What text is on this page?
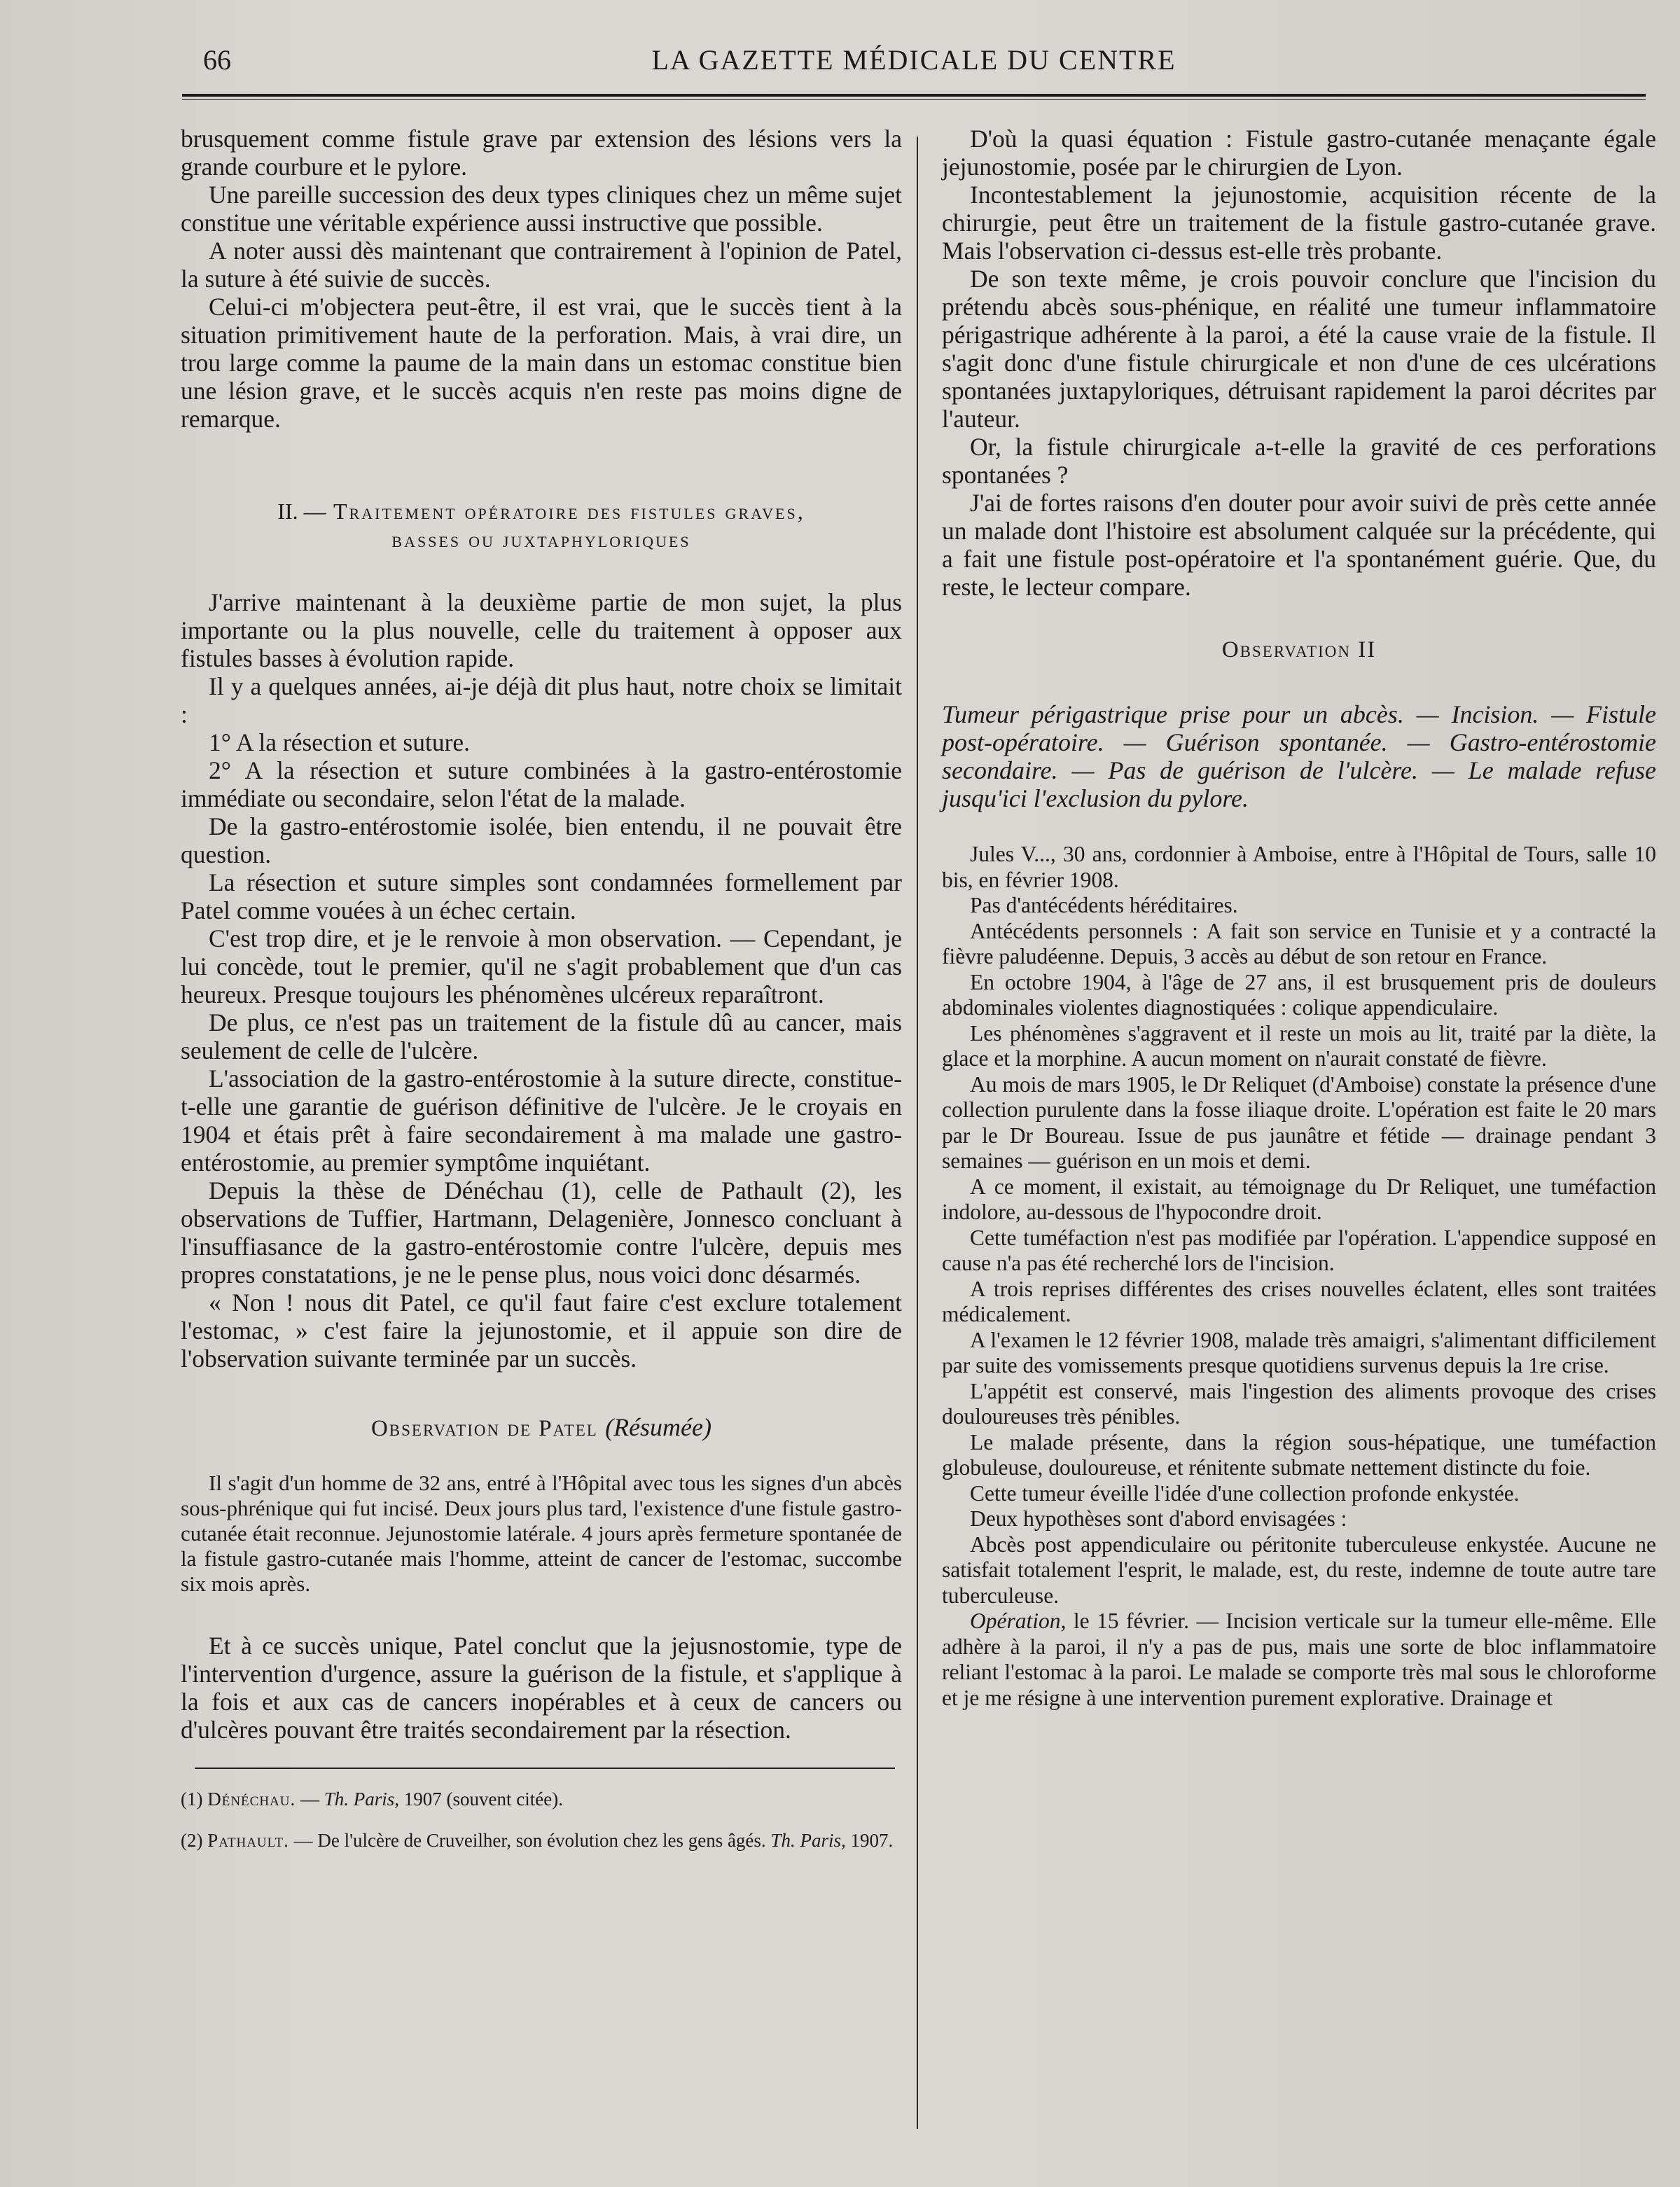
66	LA GAZETTE MÉDICALE DU CENTRE

brusquement comme fistule grave par extension des lésions vers la grande courbure et le pylore.

Une pareille succession des deux types cliniques chez un même sujet constitue une véritable expérience aussi instructive que possible.

A noter aussi dès maintenant que contrairement à l'opinion de Patel, la suture à été suivie de succès.

Celui-ci m'objectera peut-être, il est vrai, que le succès tient à la situation primitivement haute de la perforation. Mais, à vrai dire, un trou large comme la paume de la main dans un estomac constitue bien une lésion grave, et le succès acquis n'en reste pas moins digne de remarque.

II. — Traitement opératoire des fistules graves,
basses ou juxtaphyloriques

J'arrive maintenant à la deuxième partie de mon sujet, la plus importante ou la plus nouvelle, celle du traitement à opposer aux fistules basses à évolution rapide.

Il y a quelques années, ai-je déjà dit plus haut, notre choix se limitait :

1° A la résection et suture.

2° A la résection et suture combinées à la gastro-entérostomie immédiate ou secondaire, selon l'état de la malade.

De la gastro-entérostomie isolée, bien entendu, il ne pouvait être question.

La résection et suture simples sont condamnées formellement par Patel comme vouées à un échec certain.

C'est trop dire, et je le renvoie à mon observation. — Cependant, je lui concède, tout le premier, qu'il ne s'agit probablement que d'un cas heureux. Presque toujours les phénomènes ulcéreux reparaîtront.

De plus, ce n'est pas un traitement de la fistule dû au cancer, mais seulement de celle de l'ulcère.

L'association de la gastro-entérostomie à la suture directe, constitue-t-elle une garantie de guérison définitive de l'ulcère. Je le croyais en 1904 et étais prêt à faire secondairement à ma malade une gastro-entérostomie, au premier symptôme inquiétant.

Depuis la thèse de Dénéchau (1), celle de Pathault (2), les observations de Tuffier, Hartmann, Delagenière, Jonnesco concluant à l'insuffiasance de la gastro-entérostomie contre l'ulcère, depuis mes propres constatations, je ne le pense plus, nous voici donc désarmés.

« Non ! nous dit Patel, ce qu'il faut faire c'est exclure totalement l'estomac, » c'est faire la jejunostomie, et il appuie son dire de l'observation suivante terminée par un succès.

Observation de Patel (Résumée)

Il s'agit d'un homme de 32 ans, entré à l'Hôpital avec tous les signes d'un abcès sous-phrénique qui fut incisé. Deux jours plus tard, l'existence d'une fistule gastro-cutanée était reconnue. Jejunostomie latérale. 4 jours après fermeture spontanée de la fistule gastro-cutanée mais l'homme, atteint de cancer de l'estomac, succombe six mois après.

Et à ce succès unique, Patel conclut que la jejusnostomie, type de l'intervention d'urgence, assure la guérison de la fistule, et s'applique à la fois et aux cas de cancers inopérables et à ceux de cancers ou d'ulcères pouvant être traités secondairement par la résection.

(1) Dénéchau. — Th. Paris, 1907 (souvent citée).

(2) Pathault. — De l'ulcère de Cruveilher, son évolution chez les gens âgés. Th. Paris, 1907.

D'où la quasi équation : Fistule gastro-cutanée menaçante égale jejunostomie, posée par le chirurgien de Lyon.

Incontestablement la jejunostomie, acquisition récente de la chirurgie, peut être un traitement de la fistule gastro-cutanée grave. Mais l'observation ci-dessus est-elle très probante.

De son texte même, je crois pouvoir conclure que l'incision du prétendu abcès sous-phénique, en réalité une tumeur inflammatoire périgastrique adhérente à la paroi, a été la cause vraie de la fistule. Il s'agit donc d'une fistule chirurgicale et non d'une de ces ulcérations spontanées juxtapyloriques, détruisant rapidement la paroi décrites par l'auteur.

Or, la fistule chirurgicale a-t-elle la gravité de ces perforations spontanées ?

J'ai de fortes raisons d'en douter pour avoir suivi de près cette année un malade dont l'histoire est absolument calquée sur la précédente, qui a fait une fistule post-opératoire et l'a spontanément guérie. Que, du reste, le lecteur compare.

Observation II

Tumeur périgastrique prise pour un abcès. — Incision. — Fistule post-opératoire. — Guérison spontanée. — Gastro-entérostomie secondaire. — Pas de guérison de l'ulcère. — Le malade refuse jusqu'ici l'exclusion du pylore.

Jules V..., 30 ans, cordonnier à Amboise, entre à l'Hôpital de Tours, salle 10 bis, en février 1908.

Pas d'antécédents héréditaires.

Antécédents personnels : A fait son service en Tunisie et y a contracté la fièvre paludéenne. Depuis, 3 accès au début de son retour en France.

En octobre 1904, à l'âge de 27 ans, il est brusquement pris de douleurs abdominales violentes diagnostiquées : colique appendiculaire.

Les phénomènes s'aggravent et il reste un mois au lit, traité par la diète, la glace et la morphine. A aucun moment on n'aurait constaté de fièvre.

Au mois de mars 1905, le Dr Reliquet (d'Amboise) constate la présence d'une collection purulente dans la fosse iliaque droite. L'opération est faite le 20 mars par le Dr Boureau. Issue de pus jaunâtre et fétide — drainage pendant 3 semaines — guérison en un mois et demi.

A ce moment, il existait, au témoignage du Dr Reliquet, une tuméfaction indolore, au-dessous de l'hypocondre droit.

Cette tuméfaction n'est pas modifiée par l'opération. L'appendice supposé en cause n'a pas été recherché lors de l'incision.

A trois reprises différentes des crises nouvelles éclatent, elles sont traitées médicalement.

A l'examen le 12 février 1908, malade très amaigri, s'alimentant difficilement par suite des vomissements presque quotidiens survenus depuis la 1re crise.

L'appétit est conservé, mais l'ingestion des aliments provoque des crises douloureuses très pénibles.

Le malade présente, dans la région sous-hépatique, une tuméfaction globuleuse, douloureuse, et rénitente submate nettement distincte du foie.

Cette tumeur éveille l'idée d'une collection profonde enkystée.

Deux hypothèses sont d'abord envisagées :

Abcès post appendiculaire ou péritonite tuberculeuse enkystée. Aucune ne satisfait totalement l'esprit, le malade, est, du reste, indemne de toute autre tare tuberculeuse.

Opération, le 15 février. — Incision verticale sur la tumeur elle-même. Elle adhère à la paroi, il n'y a pas de pus, mais une sorte de bloc inflammatoire reliant l'estomac à la paroi. Le malade se comporte très mal sous le chloroforme et je me résigne à une intervention purement explorative. Drainage et
